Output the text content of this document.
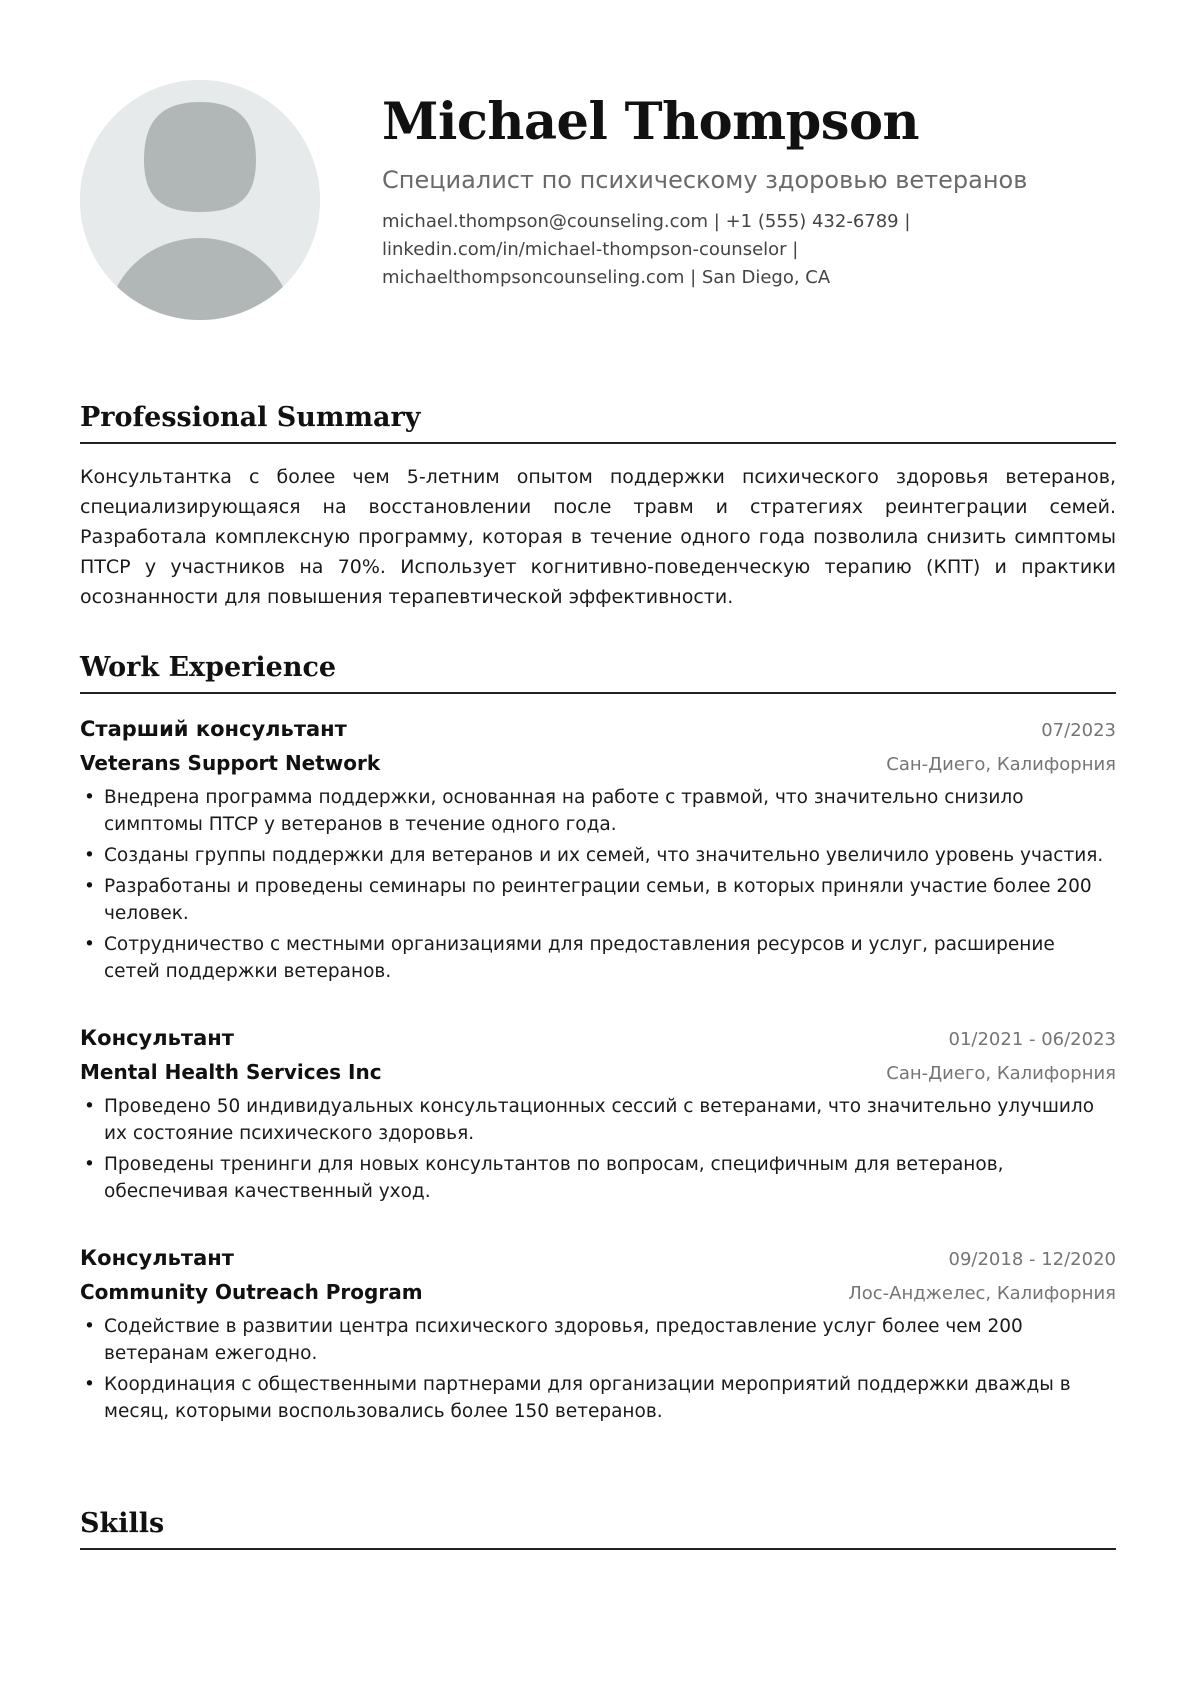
Michael Thompson
Специалист по психическому здоровью ветеранов
michael.thompson@counseling.com | +1 (555) 432-6789 | linkedin.com/in/michael-thompson-counselor | michaelthompsoncounseling.com | San Diego, CA
Professional Summary
Консультантка с более чем 5-летним опытом поддержки психического здоровья ветеранов, специализирующаяся на восстановлении после травм и стратегиях реинтеграции семей. Разработала комплексную программу, которая в течение одного года позволила снизить симптомы ПТСР у участников на 70%. Использует когнитивно-поведенческую терапию (КПТ) и практики осознанности для повышения терапевтической эффективности.
Work Experience
Старший консультант	07/2023
Veterans Support Network	Сан-Диего, Калифорния
• Внедрена программа поддержки, основанная на работе с травмой, что значительно снизило симптомы ПТСР у ветеранов в течение одного года.
• Созданы группы поддержки для ветеранов и их семей, что значительно увеличило уровень участия.
• Разработаны и проведены семинары по реинтеграции семьи, в которых приняли участие более 200 человек.
• Сотрудничество с местными организациями для предоставления ресурсов и услуг, расширение сетей поддержки ветеранов.
Консультант	01/2021 - 06/2023
Mental Health Services Inc	Сан-Диего, Калифорния
• Проведено 50 индивидуальных консультационных сессий с ветеранами, что значительно улучшило их состояние психического здоровья.
• Проведены тренинги для новых консультантов по вопросам, специфичным для ветеранов, обеспечивая качественный уход.
Консультант	09/2018 - 12/2020
Community Outreach Program	Лос-Анджелес, Калифорния
• Содействие в развитии центра психического здоровья, предоставление услуг более чем 200 ветеранам ежегодно.
• Координация с общественными партнерами для организации мероприятий поддержки дважды в месяц, которыми воспользовались более 150 ветеранов.
Skills
